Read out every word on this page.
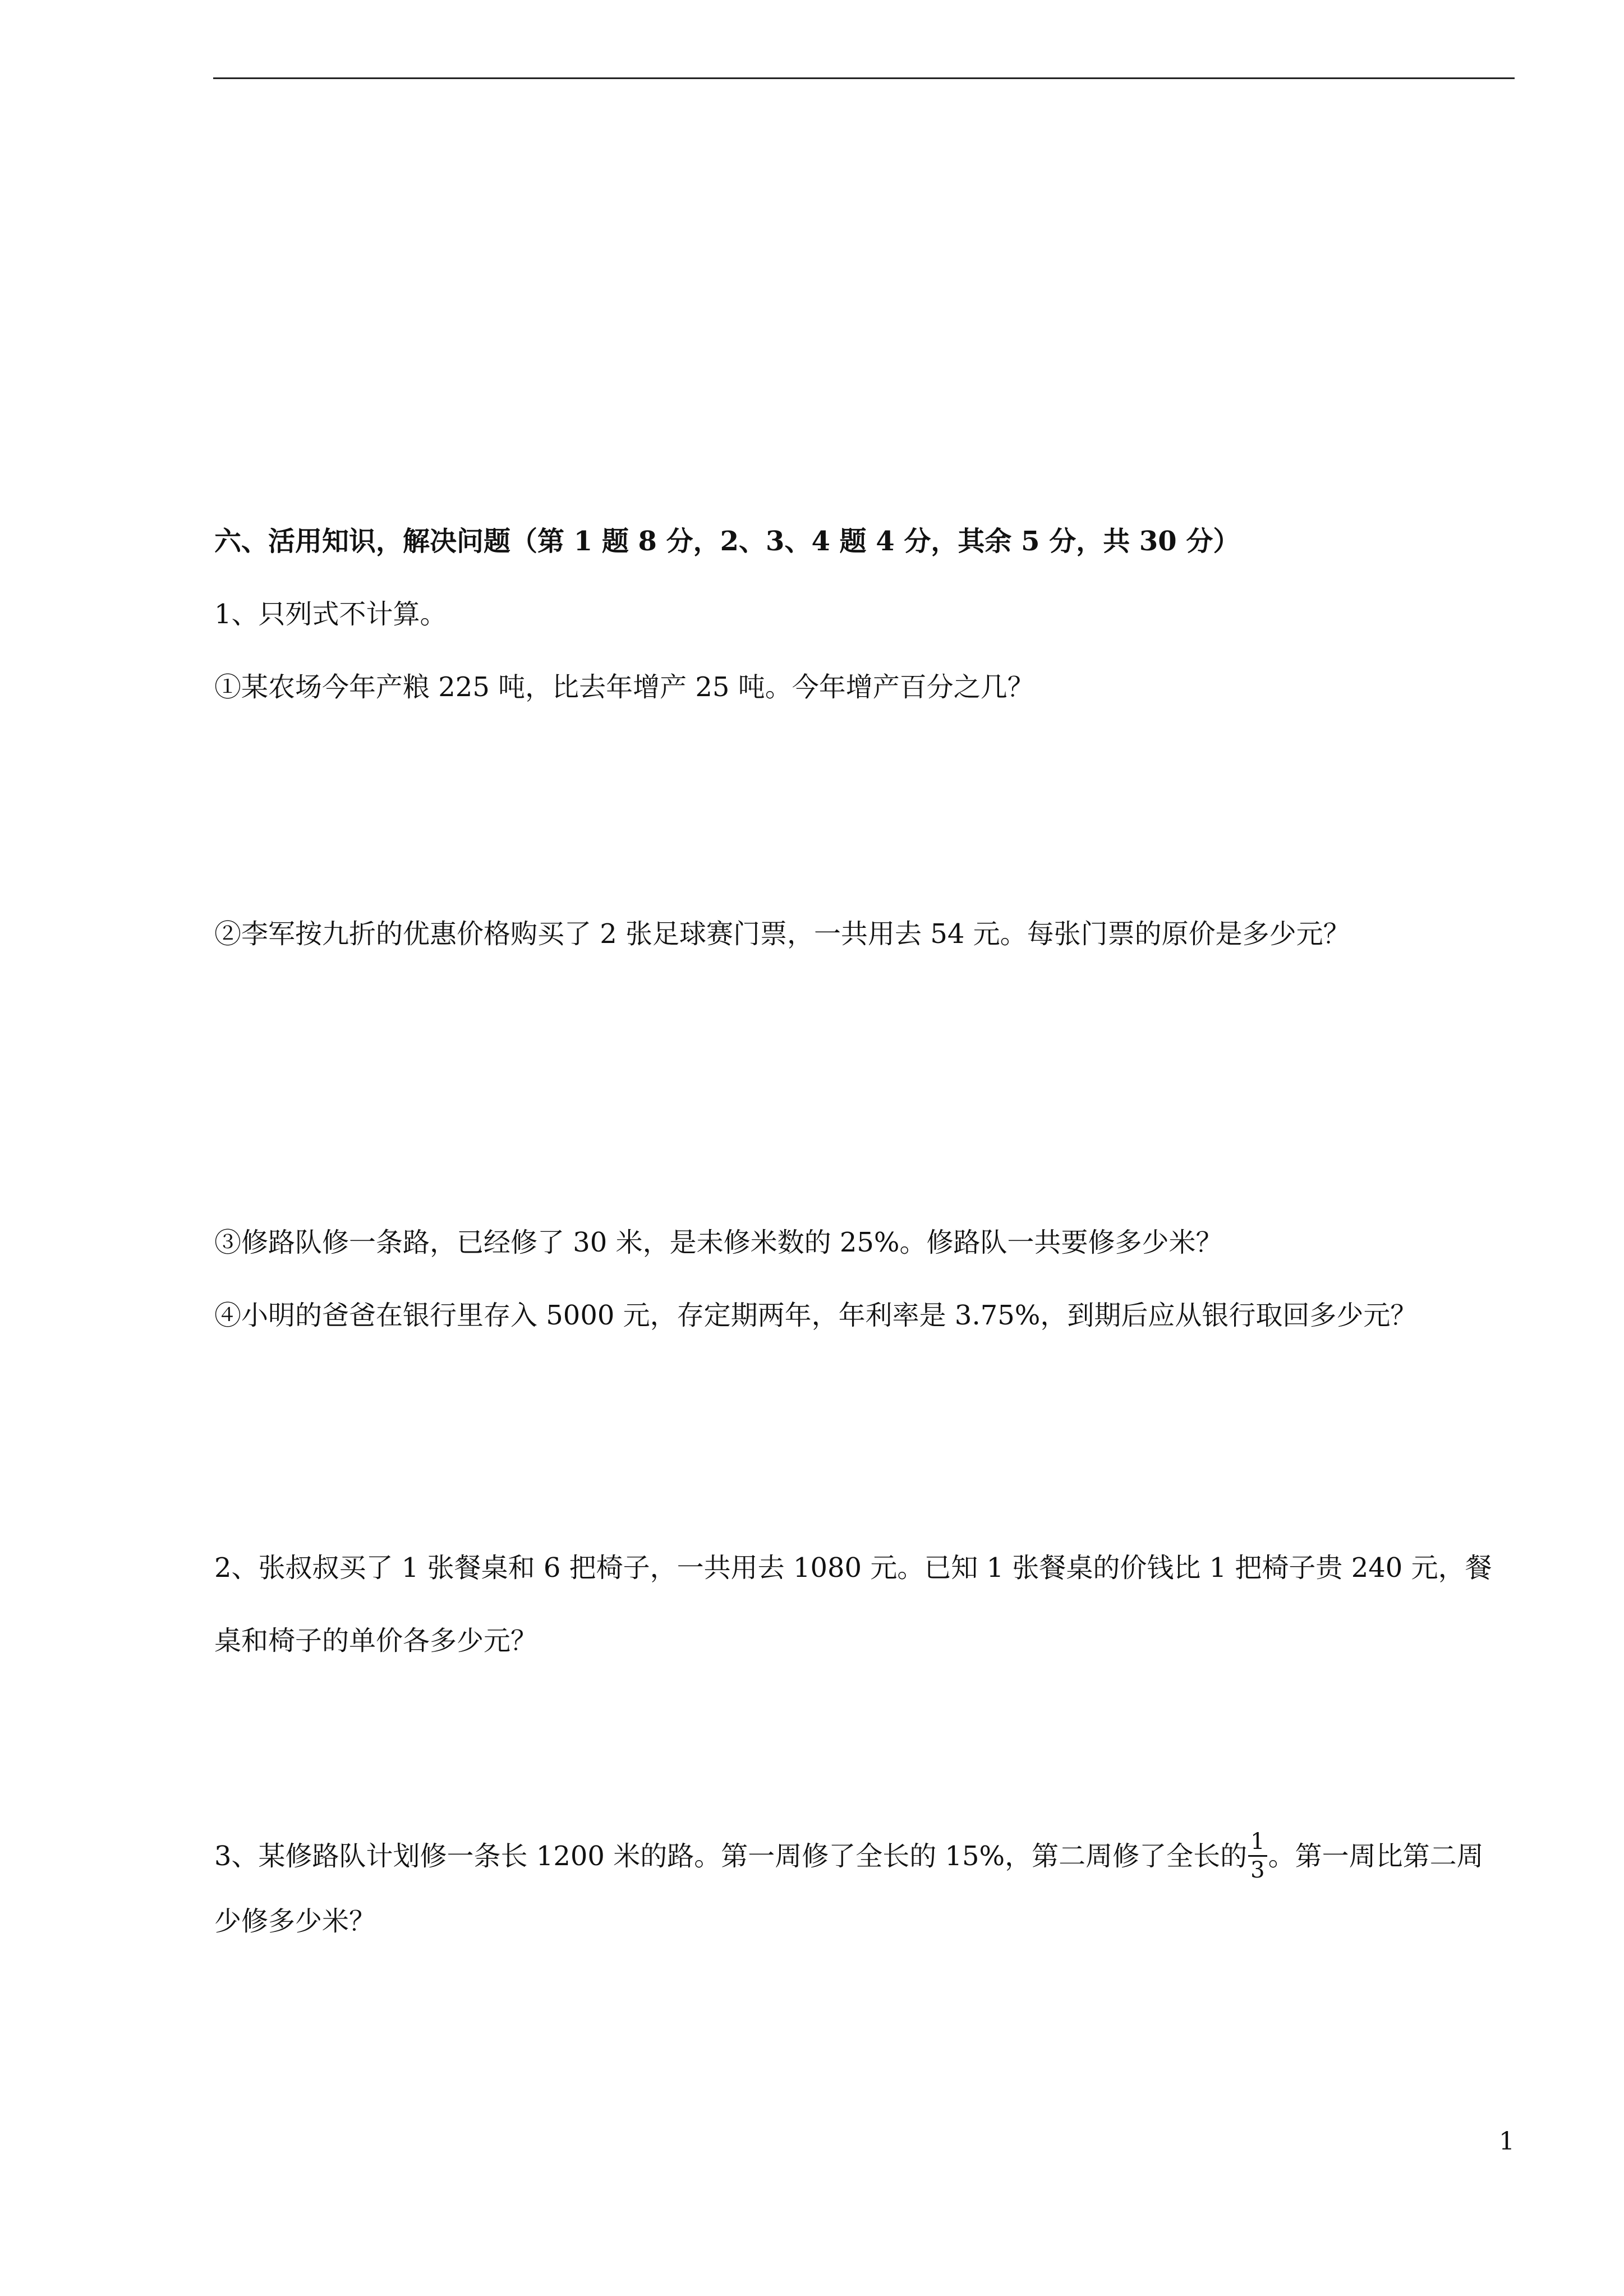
六、活用知识，解决问题（第 1 题 8 分，2、3、4 题 4 分，其余 5 分，共 30 分）
1、只列式不计算。
①某农场今年产粮 225 吨，比去年增产 25 吨。今年增产百分之几？
②李军按九折的优惠价格购买了 2 张足球赛门票，一共用去 54 元。每张门票的原价是多少元？
③修路队修一条路，已经修了 30 米，是未修米数的 25%。修路队一共要修多少米？
④小明的爸爸在银行里存入 5000 元，存定期两年，年利率是 3.75%，到期后应从银行取回多少元？
2、张叔叔买了 1 张餐桌和 6 把椅子，一共用去 1080 元。已知 1 张餐桌的价钱比 1 把椅子贵 240 元，餐
桌和椅子的单价各多少元？
3、某修路队计划修一条长 1200 米的路。第一周修了全长的 15%，第二周修了全长的 $\frac{1}{3}$ 。第一周比第二周
少修多少米？
1
